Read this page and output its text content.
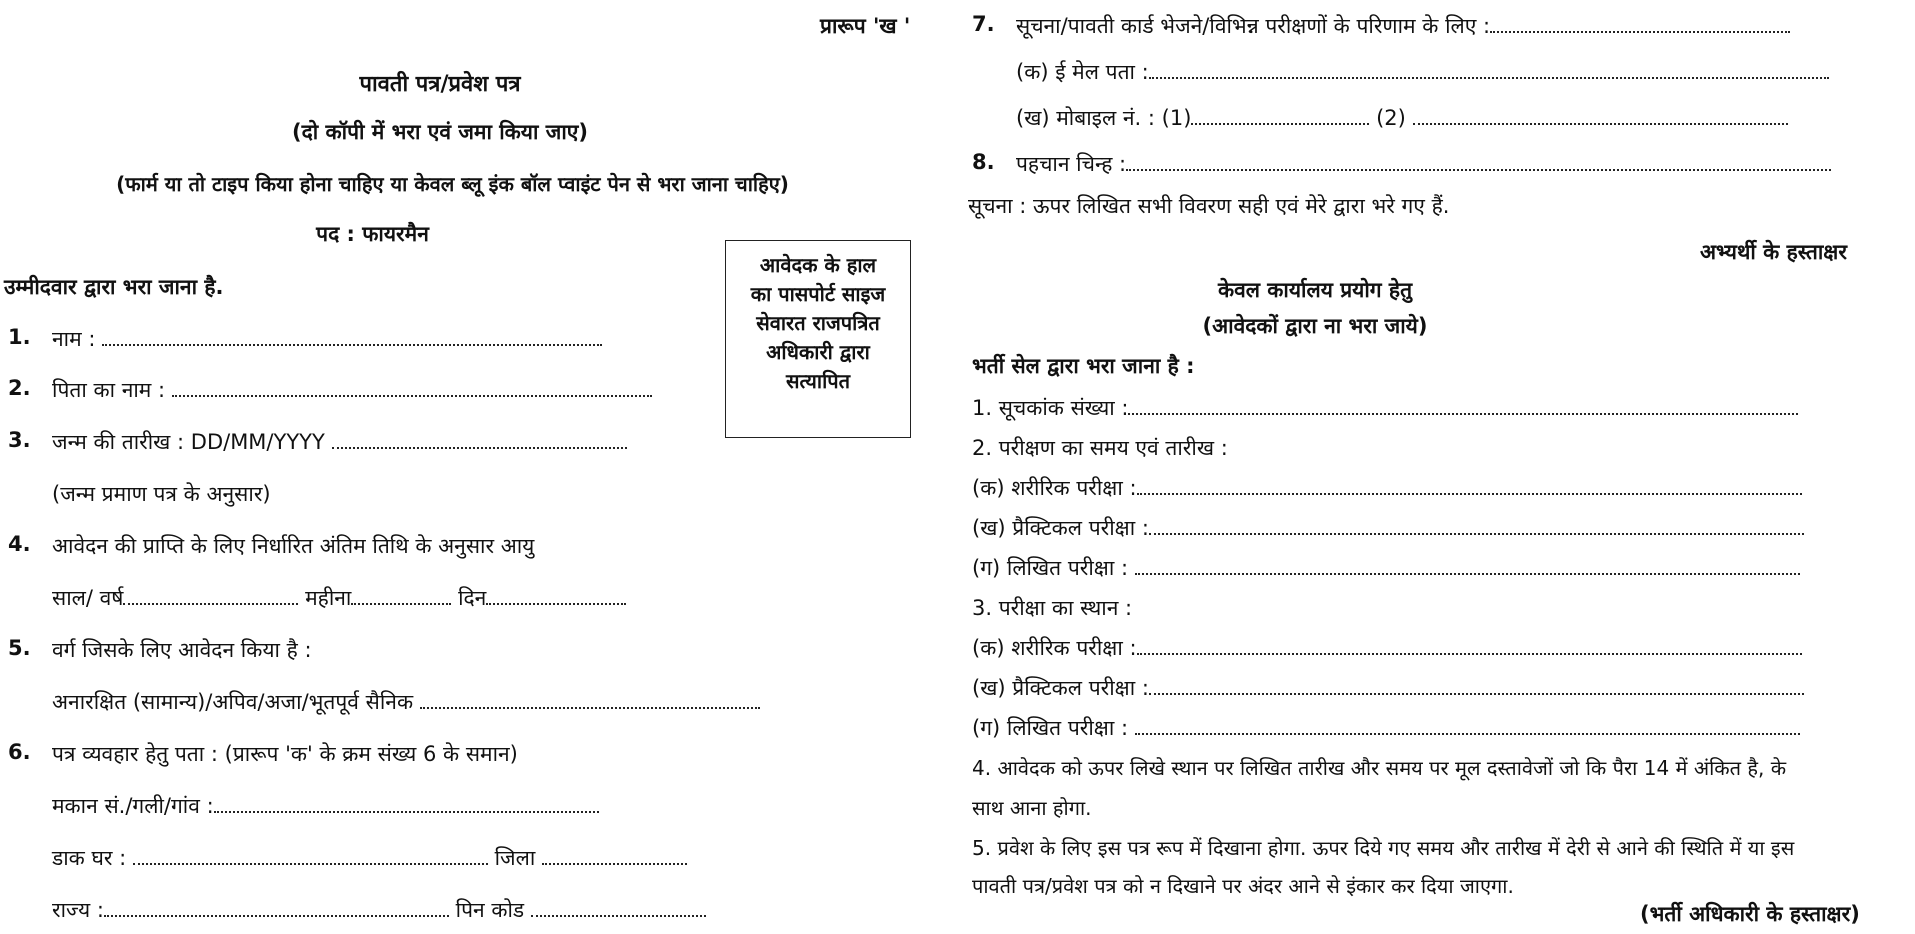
प्रारूप 'ख '
पावती पत्र/प्रवेश पत्र
(दो कॉपी में भरा एवं जमा किया जाए)
(फार्म या तो टाइप किया होना चाहिए या केवल ब्लू इंक बॉल प्वाइंट पेन से भरा जाना चाहिए)
पद : फायरमैन
उम्मीदवार द्वारा भरा जाना है.
आवेदक के हाल
का पासपोर्ट साइज
सेवारत राजपत्रित
अधिकारी द्वारा
सत्यापित
1. नाम :
2. पिता का नाम :
3. जन्म की तारीख : DD/MM/YYYY
(जन्म प्रमाण पत्र के अनुसार)
4. आवेदन की प्राप्ति के लिए निर्धारित अंतिम तिथि के अनुसार आयु
साल/ वर्ष	महीना	दिन
5. वर्ग जिसके लिए आवेदन किया है :
अनारक्षित (सामान्य)/अपिव/अजा/भूतपूर्व सैनिक
6. पत्र व्यवहार हेतु पता : (प्रारूप 'क' के क्रम संख्य 6 के समान)
मकान सं./गली/गांव :
डाक घर :	जिला
राज्य :	पिन कोड
7. सूचना/पावती कार्ड भेजने/विभिन्न परीक्षणों के परिणाम के लिए :
(क) ई मेल पता :
(ख) मोबाइल नं. : (1)	(2)
8. पहचान चिन्ह :
सूचना : ऊपर लिखित सभी विवरण सही एवं मेरे द्वारा भरे गए हैं.
अभ्यर्थी के हस्ताक्षर
केवल कार्यालय प्रयोग हेतु
(आवेदकों द्वारा ना भरा जाये)
भर्ती सेल द्वारा भरा जाना है :
1. सूचकांक संख्या :
2. परीक्षण का समय एवं तारीख :
(क) शरीरिक परीक्षा :
(ख) प्रैक्टिकल परीक्षा :
(ग) लिखित परीक्षा :
3. परीक्षा का स्थान :
(क) शरीरिक परीक्षा :
(ख) प्रैक्टिकल परीक्षा :
(ग) लिखित परीक्षा :
4. आवेदक को ऊपर लिखे स्थान पर लिखित तारीख और समय पर मूल दस्तावेजों जो कि पैरा 14 में अंकित है, के
साथ आना होगा.
5. प्रवेश के लिए इस पत्र रूप में दिखाना होगा. ऊपर दिये गए समय और तारीख में देरी से आने की स्थिति में या इस
पावती पत्र/प्रवेश पत्र को न दिखाने पर अंदर आने से इंकार कर दिया जाएगा.
(भर्ती अधिकारी के हस्ताक्षर)
